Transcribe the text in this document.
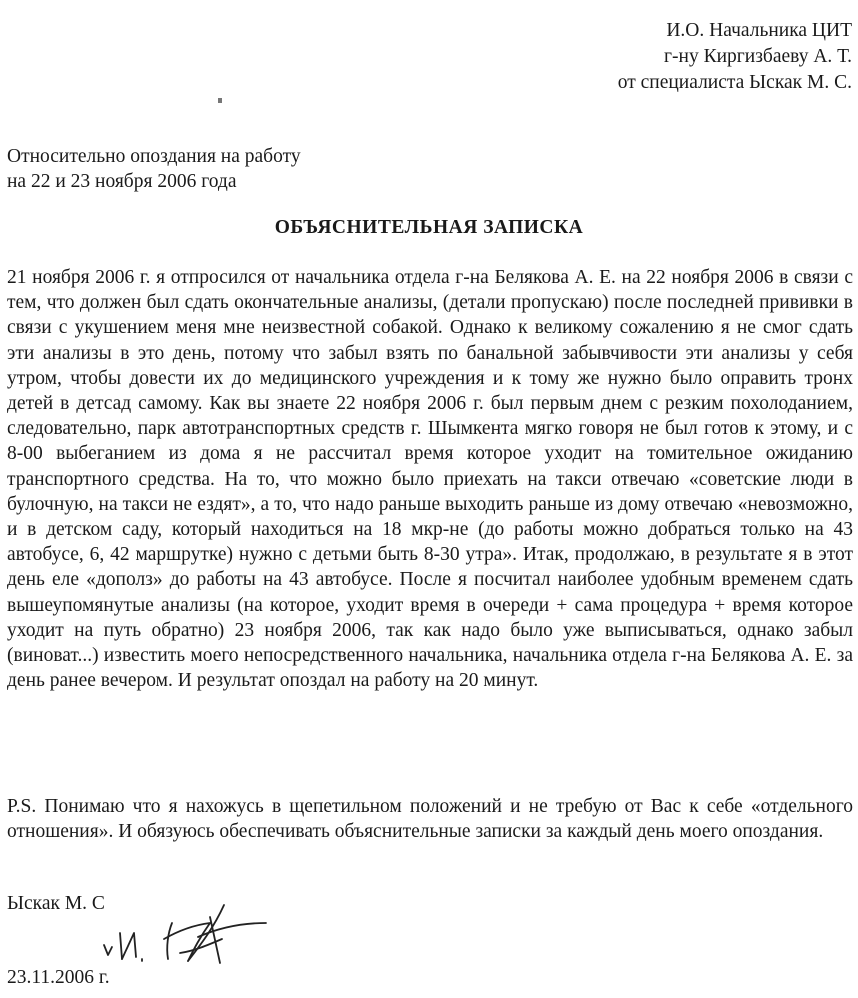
И.О. Начальника ЦИТ
г-ну Киргизбаеву А. Т.
от специалиста Ыскак М. С.
Относительно опоздания на работу
на 22 и 23 ноября 2006 года
ОБЪЯСНИТЕЛЬНАЯ ЗАПИСКА
21 ноября 2006 г. я отпросился от начальника отдела г-на Белякова А. Е. на 22 ноября 2006 в связи с тем, что должен был сдать окончательные анализы, (детали пропускаю) после последней прививки в связи с укушением меня мне неизвестной собакой. Однако к великому сожалению я не смог сдать эти анализы в это день, потому что забыл взять по банальной забывчивости эти анализы у себя утром, чтобы довести их до медицинского учреждения и к тому же нужно было оправить тронх детей в детсад самому. Как вы знаете 22 ноября 2006 г. был первым днем с резким похолоданием, следовательно, парк автотранспортных средств г. Шымкента мягко говоря не был готов к этому, и с 8-00 выбеганием из дома я не рассчитал время которое уходит на томительное ожиданию транспортного средства. На то, что можно было приехать на такси отвечаю «советские люди в булочную, на такси не ездят», а то, что надо раньше выходить раньше из дому отвечаю «невозможно, и в детском саду, который находиться на 18 мкр-не (до работы можно добраться только на 43 автобусе, 6, 42 маршрутке) нужно с детьми быть 8-30 утра». Итак, продолжаю, в результате я в этот день еле «дополз» до работы на 43 автобусе. После я посчитал наиболее удобным временем сдать вышеупомянутые анализы (на которое, уходит время в очереди + сама процедура + время которое уходит на путь обратно) 23 ноября 2006, так как надо было уже выписываться, однако забыл (виноват...) известить моего непосредственного начальника, начальника отдела г-на Белякова А. Е. за день ранее вечером. И результат опоздал на работу на 20 минут.
P.S. Понимаю что я нахожусь в щепетильном положений и не требую от Вас к себе «отдельного отношения». И обязуюсь обеспечивать объяснительные записки за каждый день моего опоздания.
Ыскак М. С
23.11.2006 г.
